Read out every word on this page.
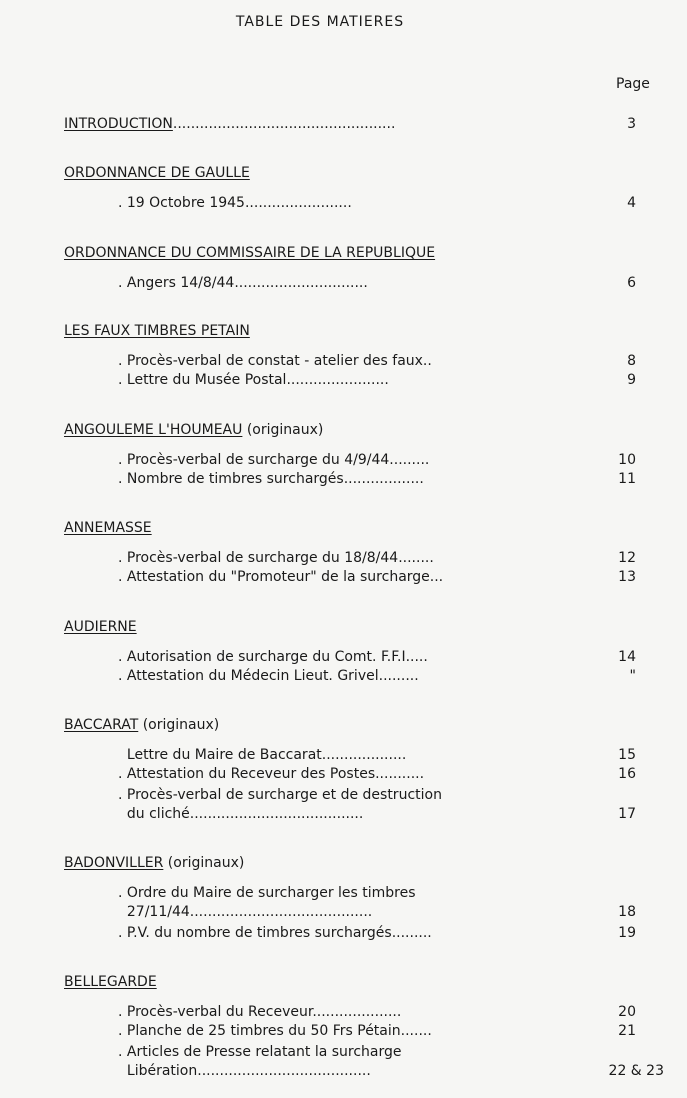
TABLE DES MATIERES
Page
INTRODUCTION..................................................	3
ORDONNANCE DE GAULLE
. 19 Octobre 1945........................	4
ORDONNANCE DU COMMISSAIRE DE LA REPUBLIQUE
. Angers 14/8/44..............................	6
LES FAUX TIMBRES PETAIN
. Procès-verbal de constat - atelier des faux..	8
. Lettre du Musée Postal.......................	9
ANGOULEME L'HOUMEAU (originaux)
. Procès-verbal de surcharge du 4/9/44.........	10
. Nombre de timbres surchargés..................	11
ANNEMASSE
. Procès-verbal de surcharge du 18/8/44........	12
. Attestation du "Promoteur" de la surcharge...	13
AUDIERNE
. Autorisation de surcharge du Comt. F.F.I.....	14
. Attestation du Médecin Lieut. Grivel.........	"
BACCARAT (originaux)
Lettre du Maire de Baccarat...................	15
. Attestation du Receveur des Postes...........	16
. Procès-verbal de surcharge et de destruction
du cliché.......................................	17
BADONVILLER (originaux)
. Ordre du Maire de surcharger les timbres
27/11/44.........................................	18
. P.V. du nombre de timbres surchargés.........	19
BELLEGARDE
. Procès-verbal du Receveur....................	20
. Planche de 25 timbres du 50 Frs Pétain.......	21
. Articles de Presse relatant la surcharge
Libération.......................................	22 & 23
